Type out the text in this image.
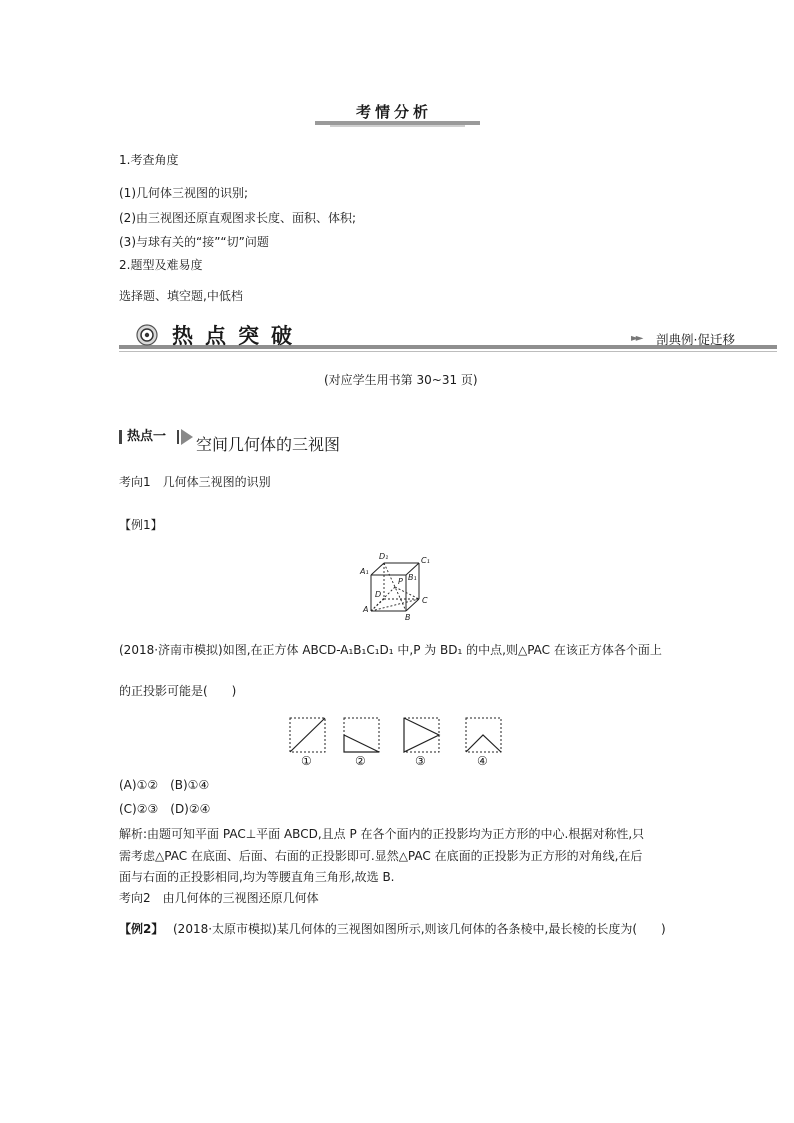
考情分析
1.考查角度
(1)几何体三视图的识别;
(2)由三视图还原直观图求长度、面积、体积;
(3)与球有关的“接”“切”问题
2.题型及难易度
选择题、填空题,中低档
热点突破	►► 剖典例·促迁移
(对应学生用书第 30~31 页)
热点一 空间几何体的三视图
考向1　几何体三视图的识别
【例1】
D₁	C₁
A₁
B₁
P
D
C
A
B
(2018·济南市模拟)如图,在正方体 ABCD-A₁B₁C₁D₁ 中,P 为 BD₁ 的中点,则△PAC 在该正方体各个面上
的正投影可能是(　　)
①	②	③	④
(A)①②　(B)①④
(C)②③　(D)②④
解析:由题可知平面 PAC⊥平面 ABCD,且点 P 在各个面内的正投影均为正方形的中心.根据对称性,只
需考虑△PAC 在底面、后面、右面的正投影即可.显然△PAC 在底面的正投影为正方形的对角线,在后
面与右面的正投影相同,均为等腰直角三角形,故选 B.
考向2　由几何体的三视图还原几何体
【例2】 (2018·太原市模拟)某几何体的三视图如图所示,则该几何体的各条棱中,最长棱的长度为(　　)
